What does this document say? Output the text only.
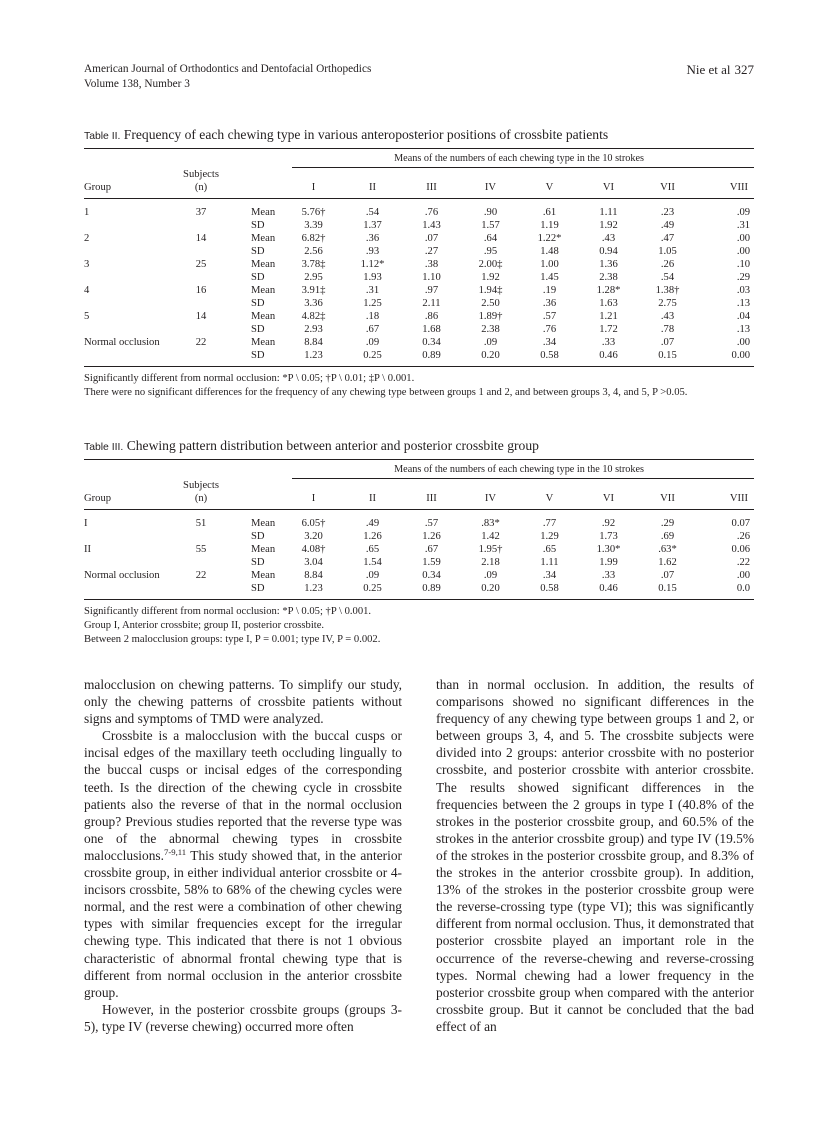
American Journal of Orthodontics and Dentofacial Orthopedics
Volume 138, Number 3
Nie et al 327
Table II. Frequency of each chewing type in various anteroposterior positions of crossbite patients
			Means of the numbers of each chewing type in the 10 strokes							

	Subjects									
Group	(n)		I	II	III	IV	V	VI	VII	VIII

1	37	Mean	5.76†	.54	.76	.90	.61	1.11	.23	.09
		SD	3.39	1.37	1.43	1.57	1.19	1.92	.49	.31
2	14	Mean	6.82†	.36	.07	.64	1.22*	.43	.47	.00
		SD	2.56	.93	.27	.95	1.48	0.94	1.05	.00
3	25	Mean	3.78‡	1.12*	.38	2.00‡	1.00	1.36	.26	.10
		SD	2.95	1.93	1.10	1.92	1.45	2.38	.54	.29
4	16	Mean	3.91‡	.31	.97	1.94‡	.19	1.28*	1.38†	.03
		SD	3.36	1.25	2.11	2.50	.36	1.63	2.75	.13
5	14	Mean	4.82‡	.18	.86	1.89†	.57	1.21	.43	.04
		SD	2.93	.67	1.68	2.38	.76	1.72	.78	.13
Normal occlusion	22	Mean	8.84	.09	0.34	.09	.34	.33	.07	.00
		SD	1.23	0.25	0.89	0.20	0.58	0.46	0.15	0.00
Significantly different from normal occlusion: *P \ 0.05; †P \ 0.01; ‡P \ 0.001.
There were no significant differences for the frequency of any chewing type between groups 1 and 2, and between groups 3, 4, and 5, P >0.05.
Table III. Chewing pattern distribution between anterior and posterior crossbite group
			Means of the numbers of each chewing type in the 10 strokes							

	Subjects									
Group	(n)		I	II	III	IV	V	VI	VII	VIII

I	51	Mean	6.05†	.49	.57	.83*	.77	.92	.29	0.07
		SD	3.20	1.26	1.26	1.42	1.29	1.73	.69	.26
II	55	Mean	4.08†	.65	.67	1.95†	.65	1.30*	.63*	0.06
		SD	3.04	1.54	1.59	2.18	1.11	1.99	1.62	.22
Normal occlusion	22	Mean	8.84	.09	0.34	.09	.34	.33	.07	.00
		SD	1.23	0.25	0.89	0.20	0.58	0.46	0.15	0.0
Significantly different from normal occlusion: *P \ 0.05; †P \ 0.001.
Group I, Anterior crossbite; group II, posterior crossbite.
Between 2 malocclusion groups: type I, P = 0.001; type IV, P = 0.002.

malocclusion on chewing patterns. To simplify our study, only the chewing patterns of crossbite patients without signs and symptoms of TMD were analyzed.

Crossbite is a malocclusion with the buccal cusps or incisal edges of the maxillary teeth occluding lingually to the buccal cusps or incisal edges of the corresponding teeth. Is the direction of the chewing cycle in crossbite patients also the reverse of that in the normal occlusion group? Previous studies reported that the reverse type was one of the abnormal chewing types in crossbite malocclusions.$^{7-9,11}$ This study showed that, in the anterior crossbite group, in either individual anterior crossbite or 4-incisors crossbite, 58% to 68% of the chewing cycles were normal, and the rest were a combination of other chewing types with similar frequencies except for the irregular chewing type. This indicated that there is not 1 obvious characteristic of abnormal frontal chewing type that is different from normal occlusion in the anterior crossbite group.

However, in the posterior crossbite groups (groups 3-5), type IV (reverse chewing) occurred more often

than in normal occlusion. In addition, the results of comparisons showed no significant differences in the frequency of any chewing type between groups 1 and 2, or between groups 3, 4, and 5. The crossbite subjects were divided into 2 groups: anterior crossbite with no posterior crossbite, and posterior crossbite with anterior crossbite. The results showed significant differences in the frequencies between the 2 groups in type I (40.8% of the strokes in the posterior crossbite group, and 60.5% of the strokes in the anterior crossbite group) and type IV (19.5% of the strokes in the posterior crossbite group, and 8.3% of the strokes in the anterior crossbite group). In addition, 13% of the strokes in the posterior crossbite group were the reverse-crossing type (type VI); this was significantly different from normal occlusion. Thus, it demonstrated that posterior crossbite played an important role in the occurrence of the reverse-chewing and reverse-crossing types. Normal chewing had a lower frequency in the posterior crossbite group when compared with the anterior crossbite group. But it cannot be concluded that the bad effect of an
